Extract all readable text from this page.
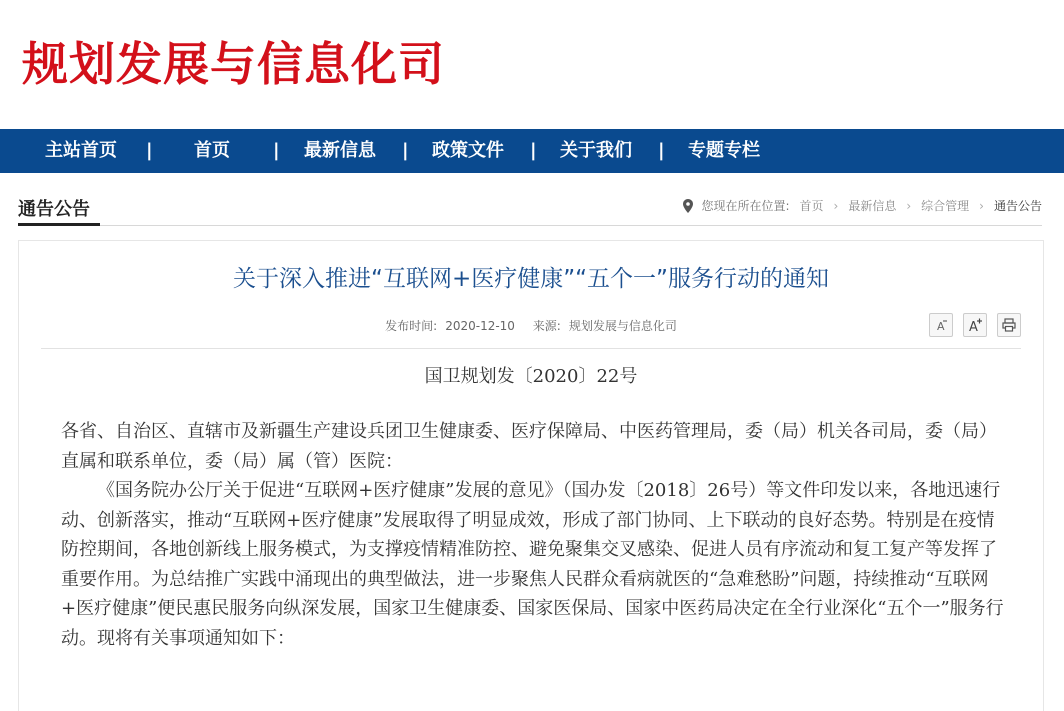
规划发展与信息化司
主站首页 | 首页 | 最新信息 | 政策文件 | 关于我们 | 专题专栏
通告公告	您现在所在位置: 首页 › 最新信息 › 综合管理 › 通告公告
关于深入推进“互联网+医疗健康”“五个一”服务行动的通知
发布时间: 2020-12-10 来源: 规划发展与信息化司	A A
国卫规划发〔2020〕22号

各省、自治区、直辖市及新疆生产建设兵团卫生健康委、医疗保障局、中医药管理局，委（局）机关各司局，委（局）直属和联系单位，委（局）属（管）医院：

《国务院办公厅关于促进“互联网+医疗健康”发展的意见》（国办发〔2018〕26号）等文件印发以来，各地迅速行动、创新落实，推动“互联网+医疗健康”发展取得了明显成效，形成了部门协同、上下联动的良好态势。特别是在疫情防控期间，各地创新线上服务模式，为支撑疫情精准防控、避免聚集交叉感染、促进人员有序流动和复工复产等发挥了重要作用。为总结推广实践中涌现出的典型做法，进一步聚焦人民群众看病就医的“急难愁盼”问题，持续推动“互联网+医疗健康”便民惠民服务向纵深发展，国家卫生健康委、国家医保局、国家中医药局决定在全行业深化“五个一”服务行动。现将有关事项通知如下：
